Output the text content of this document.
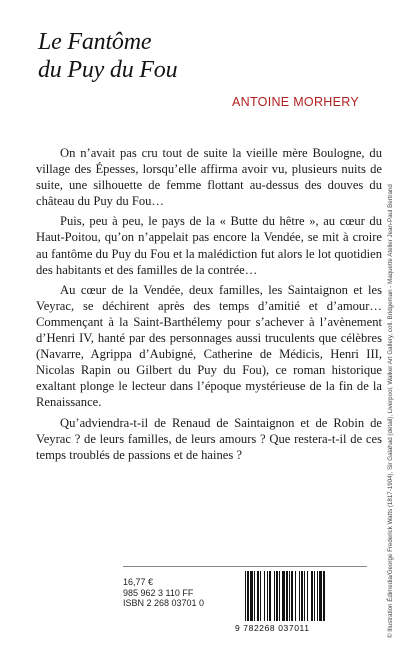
Le Fantôme

du Puy du Fou
ANTOINE MORHERY

On n’avait pas cru tout de suite la vieille mère Boulogne, du village des Épesses, lorsqu’elle affirma avoir vu, plusieurs nuits de suite, une silhouette de femme flottant au-dessus des douves du château du Puy du Fou…

Puis, peu à peu, le pays de la « Butte du hêtre », au cœur du Haut-Poitou, qu’on n’appelait pas encore la Vendée, se mit à croire au fantôme du Puy du Fou et la malédiction fut alors le lot quotidien des habitants et des familles de la contrée…

Au cœur de la Vendée, deux familles, les Saintaignon et les Veyrac, se déchirent après des temps d’amitié et d’amour… Commençant à la Saint-Barthélemy pour s’achever à l’avènement d’Henri IV, hanté par des personnages aussi truculents que célèbres (Navarre, Agrippa d’Aubigné, Catherine de Médicis, Henri III, Nicolas Rapin ou Gilbert du Puy du Fou), ce roman historique exaltant plonge le lecteur dans l’époque mystérieuse de la fin de la Renaissance.

Qu’adviendra-t-il de Renaud de Saintaignon et de Robin de Veyrac ? de leurs familles, de leurs amours ? Que restera-t-il de ces temps troublés de passions et de haines ?	© Illustration Édimedia/George Frederick Watts (1817-1904), Sir Galahad (détail), Liverpool, Walker Art Gallery, coll. Bridgeman - Maquette Atelier Jean-Paul Bertrand
16,77 €
985 962 3 110 FF
ISBN 2 268 03701 0
9 782268 037011
